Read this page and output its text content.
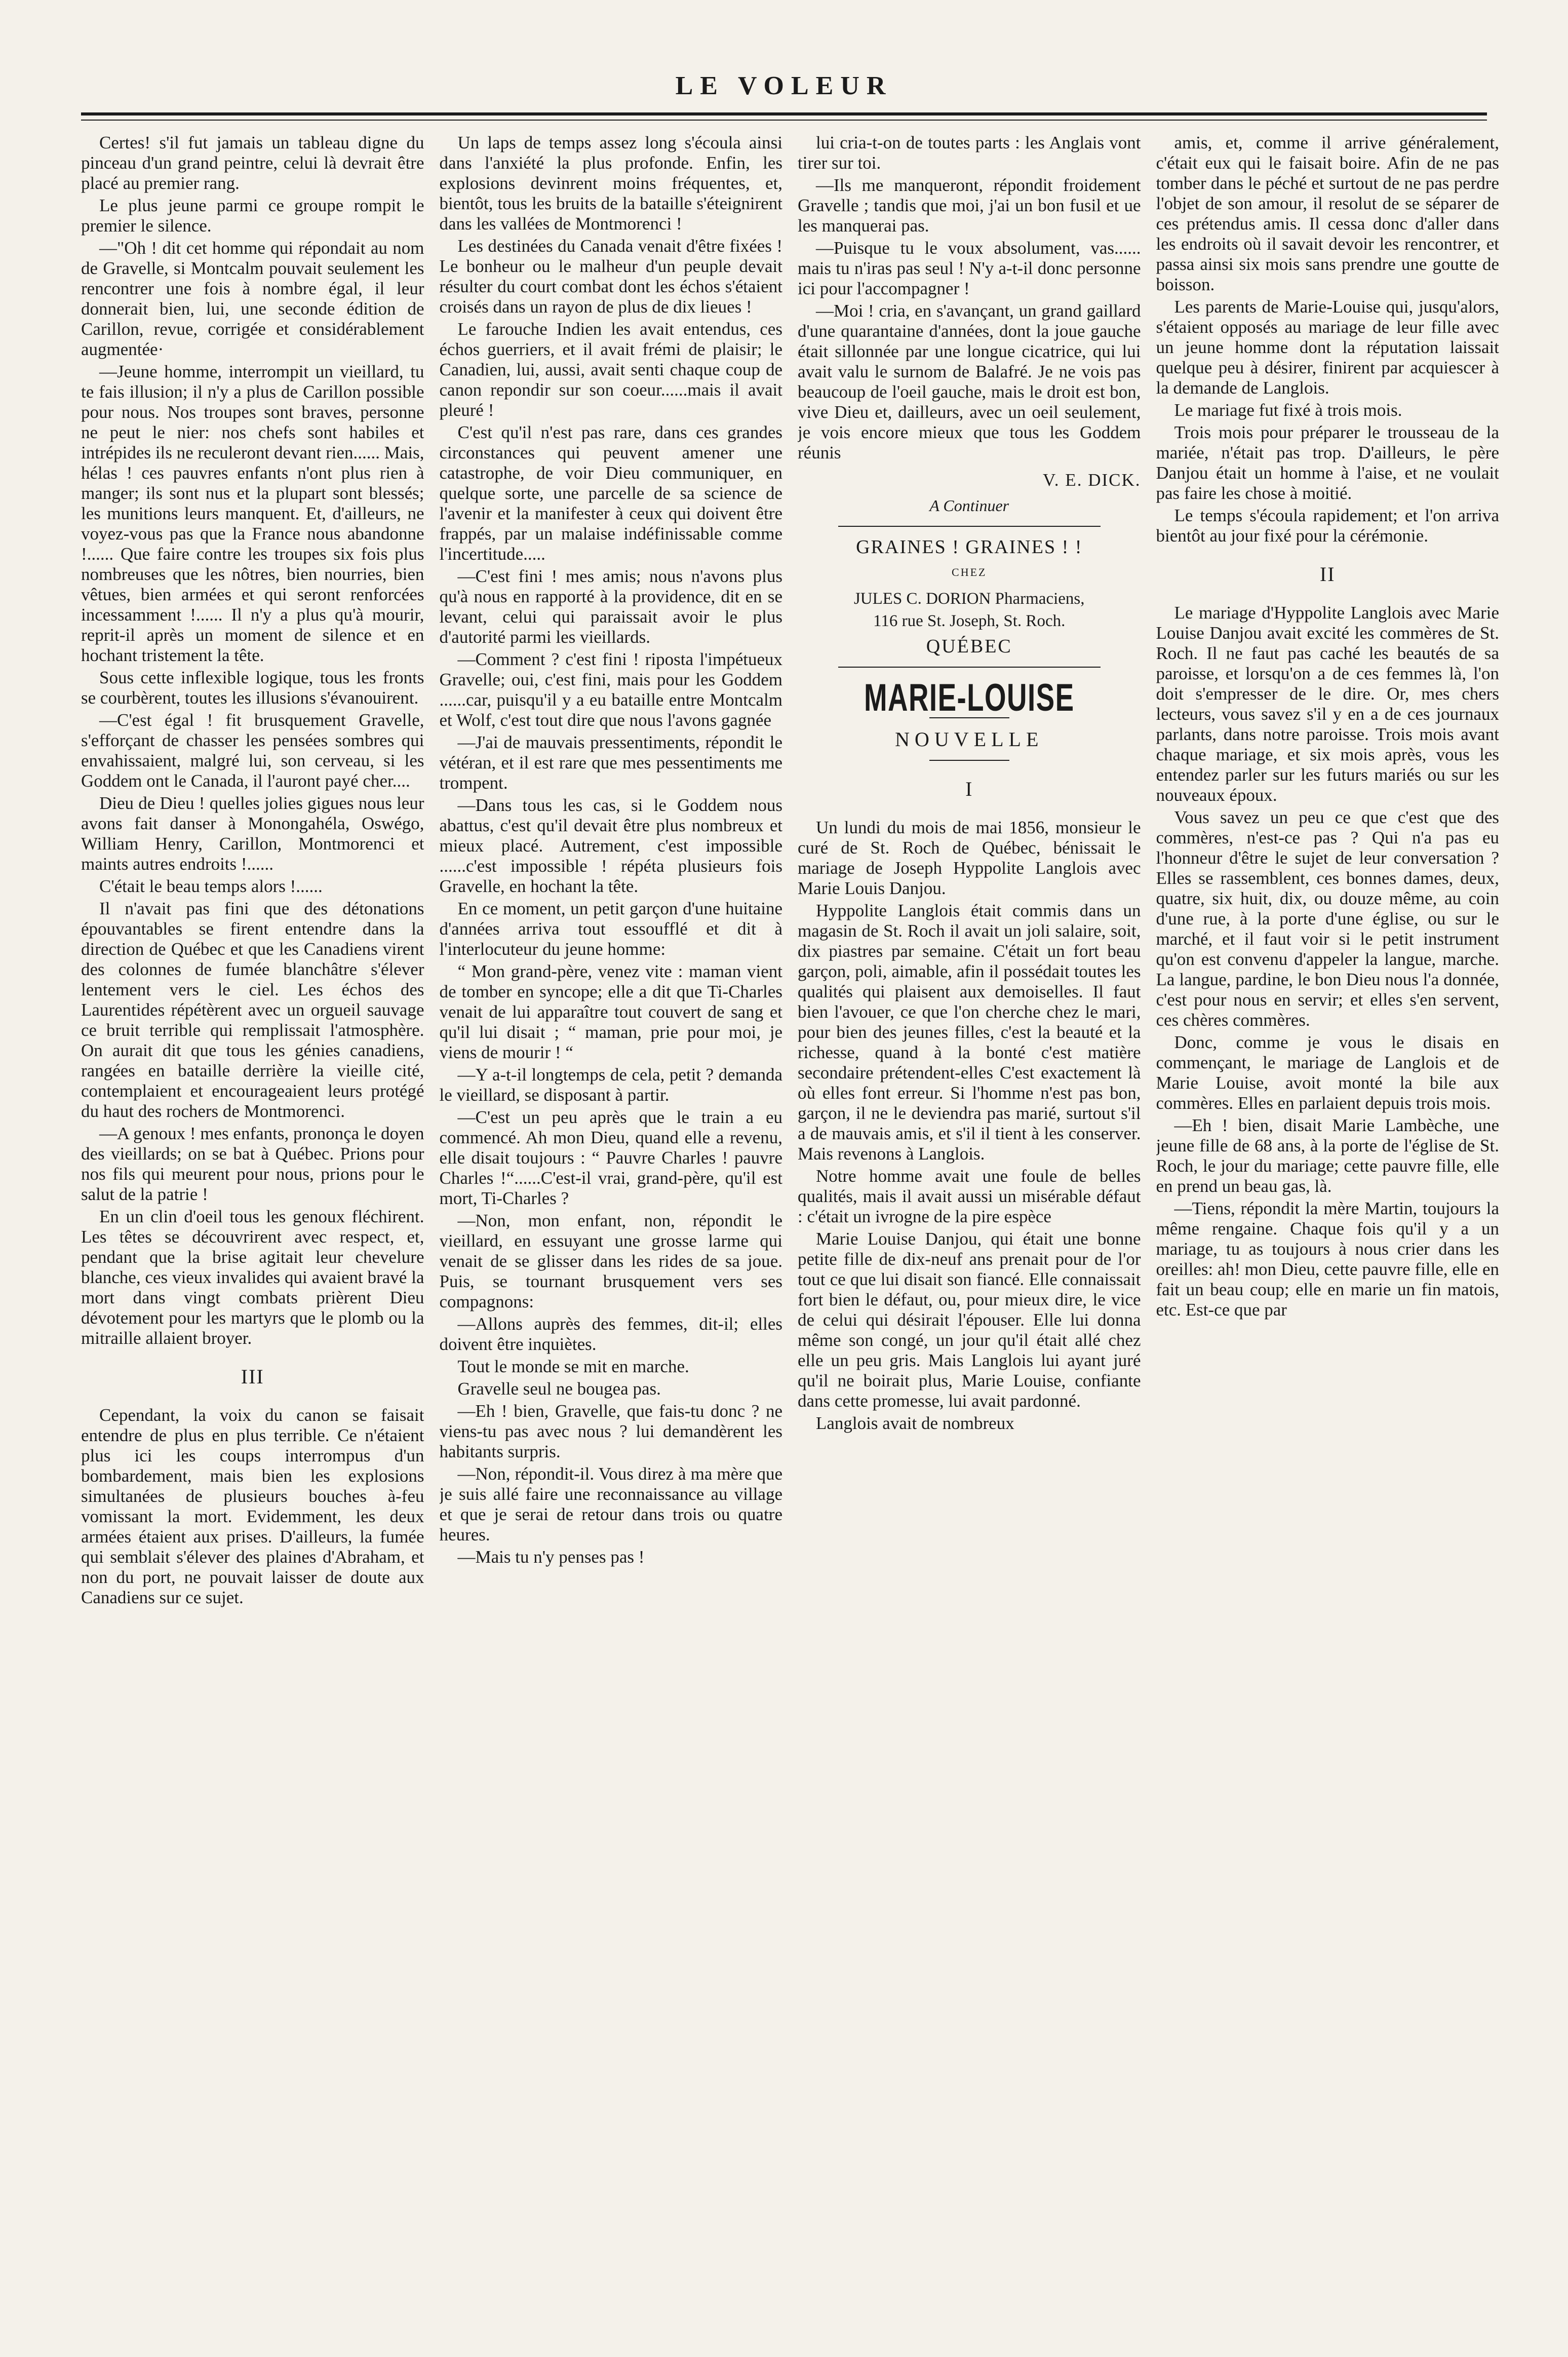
LE VOLEUR

Certes! s'il fut jamais un tableau digne du pinceau d'un grand peintre, celui là devrait être placé au premier rang.

Le plus jeune parmi ce groupe rompit le premier le silence.

—"Oh ! dit cet homme qui répondait au nom de Gravelle, si Montcalm pouvait seulement les rencontrer une fois à nombre égal, il leur donnerait bien, lui, une seconde édition de Carillon, revue, corrigée et considérablement augmentée·

—Jeune homme, interrompit un vieillard, tu te fais illusion; il n'y a plus de Carillon possible pour nous. Nos troupes sont braves, personne ne peut le nier: nos chefs sont habiles et intrépides ils ne reculeront devant rien...... Mais, hélas ! ces pauvres enfants n'ont plus rien à manger; ils sont nus et la plupart sont blessés; les munitions leurs manquent. Et, d'ailleurs, ne voyez-vous pas que la France nous abandonne !...... Que faire contre les troupes six fois plus nombreuses que les nôtres, bien nourries, bien vêtues, bien armées et qui seront renforcées incessamment !...... Il n'y a plus qu'à mourir, reprit-il après un moment de silence et en hochant tristement la tête.

Sous cette inflexible logique, tous les fronts se courbèrent, toutes les illusions s'évanouirent.

—C'est égal ! fit brusquement Gravelle, s'efforçant de chasser les pensées sombres qui envahissaient, malgré lui, son cerveau, si les Goddem ont le Canada, il l'auront payé cher....

Dieu de Dieu ! quelles jolies gigues nous leur avons fait danser à Monongahéla, Oswégo, William Henry, Carillon, Montmorenci et maints autres endroits !......

C'était le beau temps alors !......

Il n'avait pas fini que des détonations épouvantables se firent entendre dans la direction de Québec et que les Canadiens virent des colonnes de fumée blanchâtre s'élever lentement vers le ciel. Les échos des Laurentides répétèrent avec un orgueil sauvage ce bruit terrible qui remplissait l'atmosphère. On aurait dit que tous les génies canadiens, rangées en bataille derrière la vieille cité, contemplaient et encourageaient leurs protégé du haut des rochers de Montmorenci.

—A genoux ! mes enfants, prononça le doyen des vieillards; on se bat à Québec. Prions pour nos fils qui meurent pour nous, prions pour le salut de la patrie !

En un clin d'oeil tous les genoux fléchirent. Les têtes se découvrirent avec respect, et, pendant que la brise agitait leur chevelure blanche, ces vieux invalides qui avaient bravé la mort dans vingt combats prièrent Dieu dévotement pour les martyrs que le plomb ou la mitraille allaient broyer.

III

Cependant, la voix du canon se faisait entendre de plus en plus terrible. Ce n'étaient plus ici les coups interrompus d'un bombardement, mais bien les explosions simultanées de plusieurs bouches à-feu vomissant la mort. Evidemment, les deux armées étaient aux prises. D'ailleurs, la fumée qui semblait s'élever des plaines d'Abraham, et non du port, ne pouvait laisser de doute aux Canadiens sur ce sujet.

Un laps de temps assez long s'écoula ainsi dans l'anxiété la plus profonde. Enfin, les explosions devinrent moins fréquentes, et, bientôt, tous les bruits de la bataille s'éteignirent dans les vallées de Montmorenci !

Les destinées du Canada venait d'être fixées ! Le bonheur ou le malheur d'un peuple devait résulter du court combat dont les échos s'étaient croisés dans un rayon de plus de dix lieues !

Le farouche Indien les avait entendus, ces échos guerriers, et il avait frémi de plaisir; le Canadien, lui, aussi, avait senti chaque coup de canon repondir sur son coeur......mais il avait pleuré !

C'est qu'il n'est pas rare, dans ces grandes circonstances qui peuvent amener une catastrophe, de voir Dieu communiquer, en quelque sorte, une parcelle de sa science de l'avenir et la manifester à ceux qui doivent être frappés, par un malaise indéfinissable comme l'incertitude.....

—C'est fini ! mes amis; nous n'avons plus qu'à nous en rapporté à la providence, dit en se levant, celui qui paraissait avoir le plus d'autorité parmi les vieillards.

—Comment ? c'est fini ! riposta l'impétueux Gravelle; oui, c'est fini, mais pour les Goddem ......car, puisqu'il y a eu bataille entre Montcalm et Wolf, c'est tout dire que nous l'avons gagnée

—J'ai de mauvais pressentiments, répondit le vétéran, et il est rare que mes pessentiments me trompent.

—Dans tous les cas, si le Goddem nous abattus, c'est qu'il devait être plus nombreux et mieux placé. Autrement, c'est impossible ......c'est impossible ! répéta plusieurs fois Gravelle, en hochant la tête.

En ce moment, un petit garçon d'une huitaine d'années arriva tout essoufflé et dit à l'interlocuteur du jeune homme:

“ Mon grand-père, venez vite : maman vient de tomber en syncope; elle a dit que Ti-Charles venait de lui apparaître tout couvert de sang et qu'il lui disait ; “ maman, prie pour moi, je viens de mourir ! “

—Y a-t-il longtemps de cela, petit ? demanda le vieillard, se disposant à partir.

—C'est un peu après que le train a eu commencé. Ah mon Dieu, quand elle a revenu, elle disait toujours : “ Pauvre Charles ! pauvre Charles !“......C'est-il vrai, grand-père, qu'il est mort, Ti-Charles ?

—Non, mon enfant, non, répondit le vieillard, en essuyant une grosse larme qui venait de se glisser dans les rides de sa joue. Puis, se tournant brusquement vers ses compagnons:

—Allons auprès des femmes, dit-il; elles doivent être inquiètes.

Tout le monde se mit en marche.

Gravelle seul ne bougea pas.

—Eh ! bien, Gravelle, que fais-tu donc ? ne viens-tu pas avec nous ? lui demandèrent les habitants surpris.

—Non, répondit-il. Vous direz à ma mère que je suis allé faire une reconnaissance au village et que je serai de retour dans trois ou quatre heures.

—Mais tu n'y penses pas !

lui cria-t-on de toutes parts : les Anglais vont tirer sur toi.

—Ils me manqueront, répondit froidement Gravelle ; tandis que moi, j'ai un bon fusil et ue les manquerai pas.

—Puisque tu le voux absolument, vas...... mais tu n'iras pas seul ! N'y a-t-il donc personne ici pour l'accompagner !

—Moi ! cria, en s'avançant, un grand gaillard d'une quarantaine d'années, dont la joue gauche était sillonnée par une longue cicatrice, qui lui avait valu le surnom de Balafré. Je ne vois pas beaucoup de l'oeil gauche, mais le droit est bon, vive Dieu et, dailleurs, avec un oeil seulement, je vois encore mieux que tous les Goddem réunis

V. E. DICK.
A Continuer
GRAINES ! GRAINES ! !
CHEZ
JULES C. DORION Pharmaciens,
116 rue St. Joseph, St. Roch.
QUÉBEC
MARIE-LOUISE
NOUVELLE
I

Un lundi du mois de mai 1856, monsieur le curé de St. Roch de Québec, bénissait le mariage de Joseph Hyppolite Langlois avec Marie Louis Danjou.

Hyppolite Langlois était commis dans un magasin de St. Roch il avait un joli salaire, soit, dix piastres par semaine. C'était un fort beau garçon, poli, aimable, afin il possédait toutes les qualités qui plaisent aux demoiselles. Il faut bien l'avouer, ce que l'on cherche chez le mari, pour bien des jeunes filles, c'est la beauté et la richesse, quand à la bonté c'est matière secondaire prétendent-elles C'est exactement là où elles font erreur. Si l'homme n'est pas bon, garçon, il ne le deviendra pas marié, surtout s'il a de mauvais amis, et s'il il tient à les conserver. Mais revenons à Langlois.

Notre homme avait une foule de belles qualités, mais il avait aussi un misérable défaut : c'était un ivrogne de la pire espèce

Marie Louise Danjou, qui était une bonne petite fille de dix-neuf ans prenait pour de l'or tout ce que lui disait son fiancé. Elle connaissait fort bien le défaut, ou, pour mieux dire, le vice de celui qui désirait l'épouser. Elle lui donna même son congé, un jour qu'il était allé chez elle un peu gris. Mais Langlois lui ayant juré qu'il ne boirait plus, Marie Louise, confiante dans cette promesse, lui avait pardonné.

Langlois avait de nombreux

amis, et, comme il arrive généralement, c'était eux qui le faisait boire. Afin de ne pas tomber dans le péché et surtout de ne pas perdre l'objet de son amour, il resolut de se séparer de ces prétendus amis. Il cessa donc d'aller dans les endroits où il savait devoir les rencontrer, et passa ainsi six mois sans prendre une goutte de boisson.

Les parents de Marie-Louise qui, jusqu'alors, s'étaient opposés au mariage de leur fille avec un jeune homme dont la réputation laissait quelque peu à désirer, finirent par acquiescer à la demande de Langlois.

Le mariage fut fixé à trois mois.

Trois mois pour préparer le trousseau de la mariée, n'était pas trop. D'ailleurs, le père Danjou était un homme à l'aise, et ne voulait pas faire les chose à moitié.

Le temps s'écoula rapidement; et l'on arriva bientôt au jour fixé pour la cérémonie.

II

Le mariage d'Hyppolite Langlois avec Marie Louise Danjou avait excité les commères de St. Roch. Il ne faut pas caché les beautés de sa paroisse, et lorsqu'on a de ces femmes là, l'on doit s'empresser de le dire. Or, mes chers lecteurs, vous savez s'il y en a de ces journaux parlants, dans notre paroisse. Trois mois avant chaque mariage, et six mois après, vous les entendez parler sur les futurs mariés ou sur les nouveaux époux.

Vous savez un peu ce que c'est que des commères, n'est-ce pas ? Qui n'a pas eu l'honneur d'être le sujet de leur conversation ? Elles se rassemblent, ces bonnes dames, deux, quatre, six huit, dix, ou douze même, au coin d'une rue, à la porte d'une église, ou sur le marché, et il faut voir si le petit instrument qu'on est convenu d'appeler la langue, marche. La langue, pardine, le bon Dieu nous l'a donnée, c'est pour nous en servir; et elles s'en servent, ces chères commères.

Donc, comme je vous le disais en commençant, le mariage de Langlois et de Marie Louise, avoit monté la bile aux commères. Elles en parlaient depuis trois mois.

—Eh ! bien, disait Marie Lambèche, une jeune fille de 68 ans, à la porte de l'église de St. Roch, le jour du mariage; cette pauvre fille, elle en prend un beau gas, là.

—Tiens, répondit la mère Martin, toujours la même rengaine. Chaque fois qu'il y a un mariage, tu as toujours à nous crier dans les oreilles: ah! mon Dieu, cette pauvre fille, elle en fait un beau coup; elle en marie un fin matois, etc. Est-ce que par
